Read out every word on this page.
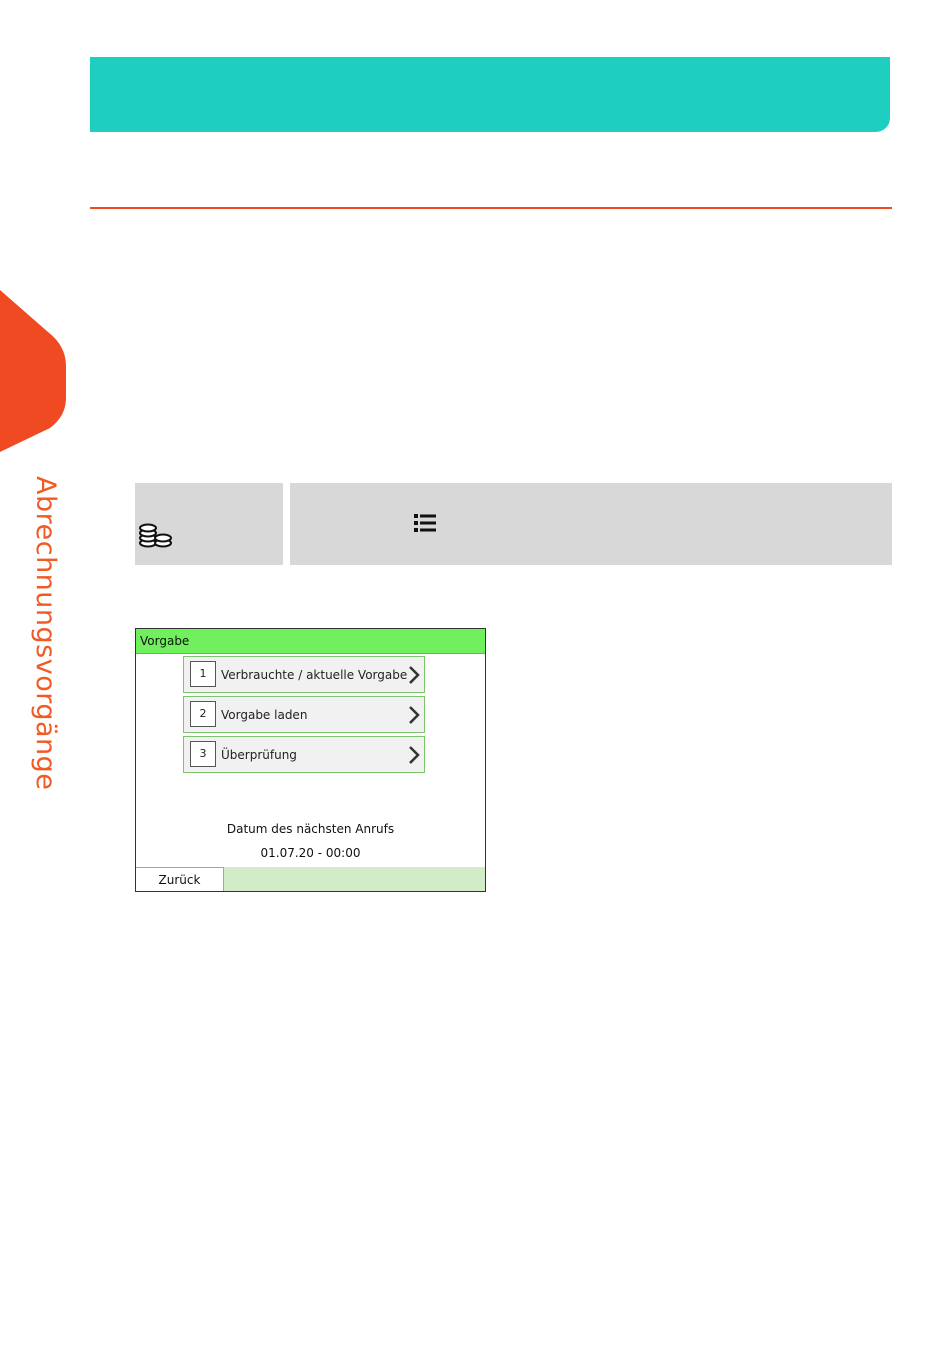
Abrechnungsvorgänge	Vorgabe
1	Verbrauchte / aktuelle Vorgabe
2	Vorgabe laden
3	Überprüfung
Datum des nächsten Anrufs
01.07.20 - 00:00
Zurück
